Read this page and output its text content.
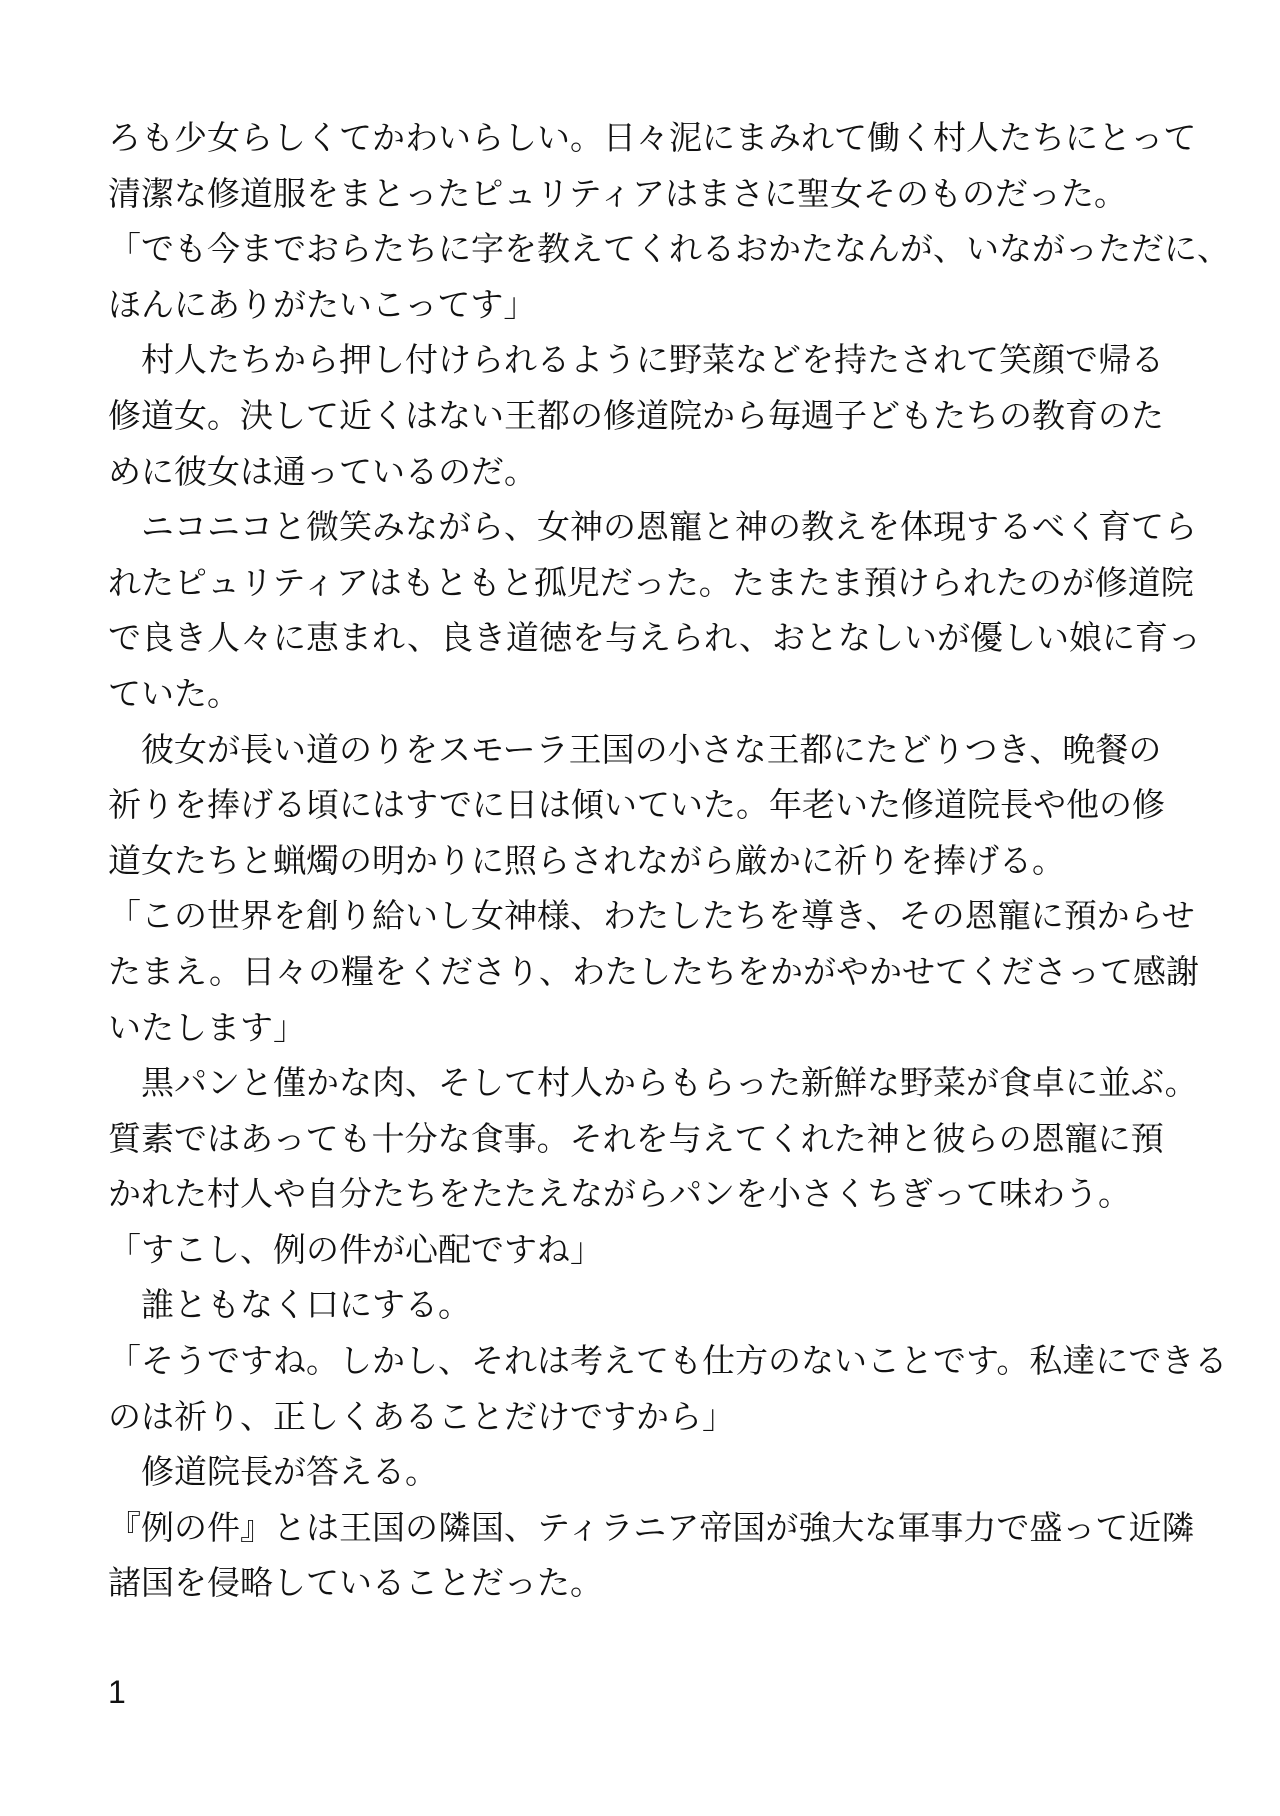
ろも少女らしくてかわいらしい。日々泥にまみれて働く村人たちにとって
清潔な修道服をまとったピュリティアはまさに聖女そのものだった。
「でも今までおらたちに字を教えてくれるおかたなんが、いながっただに、
ほんにありがたいこってす」
　村人たちから押し付けられるように野菜などを持たされて笑顔で帰る
修道女。決して近くはない王都の修道院から毎週子どもたちの教育のた
めに彼女は通っているのだ。
　ニコニコと微笑みながら、女神の恩寵と神の教えを体現するべく育てら
れたピュリティアはもともと孤児だった。たまたま預けられたのが修道院
で良き人々に恵まれ、良き道徳を与えられ、おとなしいが優しい娘に育っ
ていた。
　彼女が長い道のりをスモーラ王国の小さな王都にたどりつき、晩餐の
祈りを捧げる頃にはすでに日は傾いていた。年老いた修道院長や他の修
道女たちと蝋燭の明かりに照らされながら厳かに祈りを捧げる。
「この世界を創り給いし女神様、わたしたちを導き、その恩寵に預からせ
たまえ。日々の糧をくださり、わたしたちをかがやかせてくださって感謝
いたします」
　黒パンと僅かな肉、そして村人からもらった新鮮な野菜が食卓に並ぶ。
質素ではあっても十分な食事。それを与えてくれた神と彼らの恩寵に預
かれた村人や自分たちをたたえながらパンを小さくちぎって味わう。
「すこし、例の件が心配ですね」
　誰ともなく口にする。
「そうですね。しかし、それは考えても仕方のないことです。私達にできる
のは祈り、正しくあることだけですから」
　修道院長が答える。
『例の件』とは王国の隣国、ティラニア帝国が強大な軍事力で盛って近隣
諸国を侵略していることだった。
1
